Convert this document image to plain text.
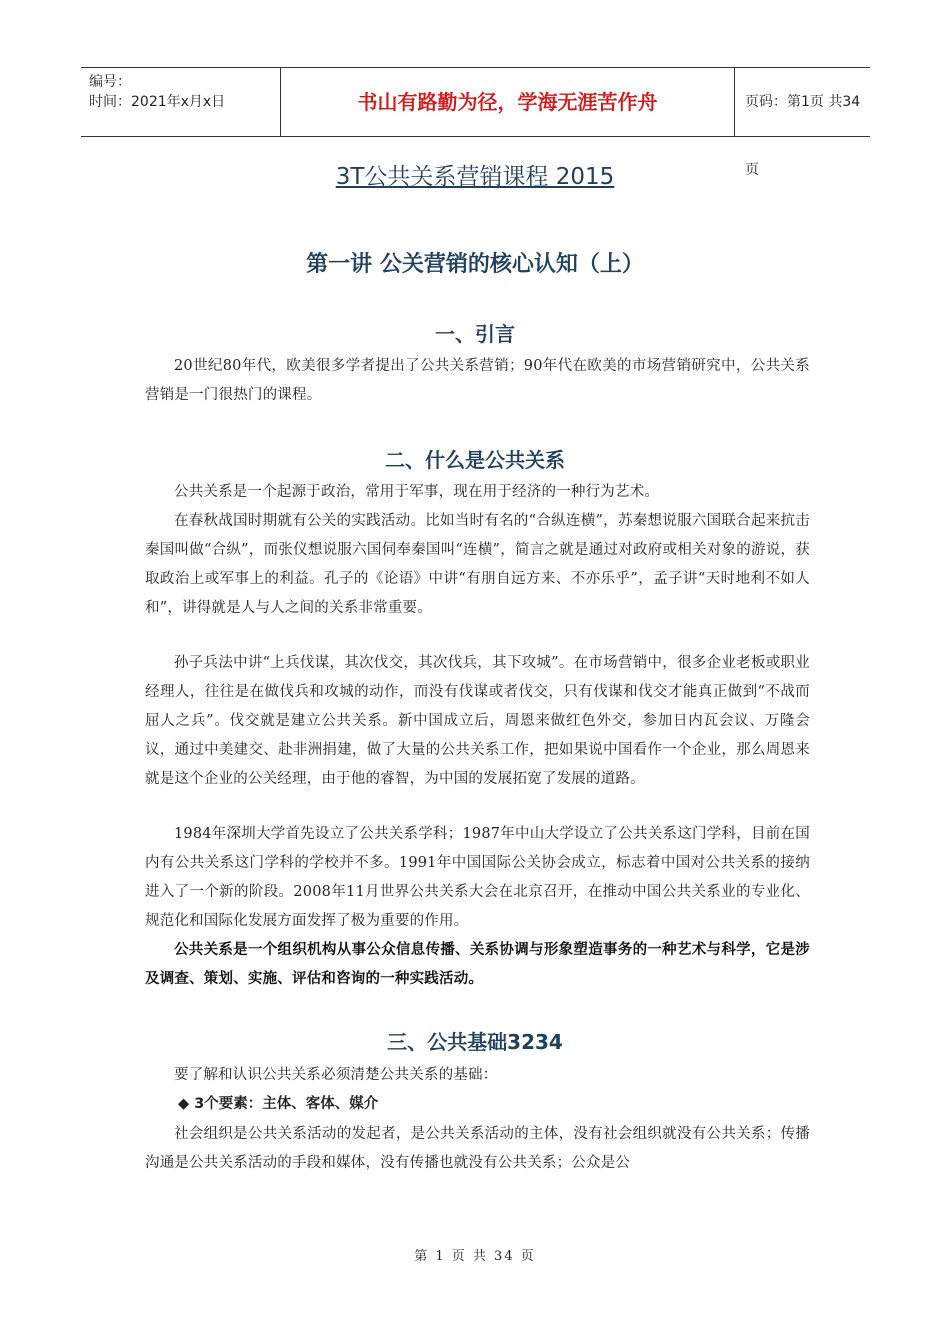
编号：
时间：2021年x月x日	书山有路勤为径，学海无涯苦作舟	页码：第1页 共34页
3T公共关系营销课程 2015
第一讲 公关营销的核心认知（上）
一、引言
20世纪80年代，欧美很多学者提出了公共关系营销；90年代在欧美的市场营销研究中，公共关系营销是一门很热门的课程。
二、什么是公共关系
公共关系是一个起源于政治，常用于军事，现在用于经济的一种行为艺术。
在春秋战国时期就有公关的实践活动。比如当时有名的“合纵连横”，苏秦想说服六国联合起来抗击秦国叫做“合纵”，而张仪想说服六国伺奉秦国叫“连横”，简言之就是通过对政府或相关对象的游说，获取政治上或军事上的利益。孔子的《论语》中讲“有朋自远方来、不亦乐乎”，孟子讲“天时地利不如人和”，讲得就是人与人之间的关系非常重要。
孙子兵法中讲“上兵伐谋，其次伐交，其次伐兵，其下攻城”。在市场营销中，很多企业老板或职业经理人，往往是在做伐兵和攻城的动作，而没有伐谋或者伐交，只有伐谋和伐交才能真正做到“不战而屈人之兵”。伐交就是建立公共关系。新中国成立后，周恩来做红色外交，参加日内瓦会议、万隆会议，通过中美建交、赴非洲捐建，做了大量的公共关系工作，把如果说中国看作一个企业，那么周恩来就是这个企业的公关经理，由于他的睿智，为中国的发展拓宽了发展的道路。
1984年深圳大学首先设立了公共关系学科；1987年中山大学设立了公共关系这门学科，目前在国内有公共关系这门学科的学校并不多。1991年中国国际公关协会成立，标志着中国对公共关系的接纳进入了一个新的阶段。2008年11月世界公共关系大会在北京召开，在推动中国公共关系业的专业化、规范化和国际化发展方面发挥了极为重要的作用。
公共关系是一个组织机构从事公众信息传播、关系协调与形象塑造事务的一种艺术与科学，它是涉及调查、策划、实施、评估和咨询的一种实践活动。
三、公共基础3234
要了解和认识公共关系必须清楚公共关系的基础：
◆ 3个要素：主体、客体、媒介
社会组织是公共关系活动的发起者，是公共关系活动的主体，没有社会组织就没有公共关系；传播沟通是公共关系活动的手段和媒体，没有传播也就没有公共关系；公众是公
第 1 页 共 34 页
